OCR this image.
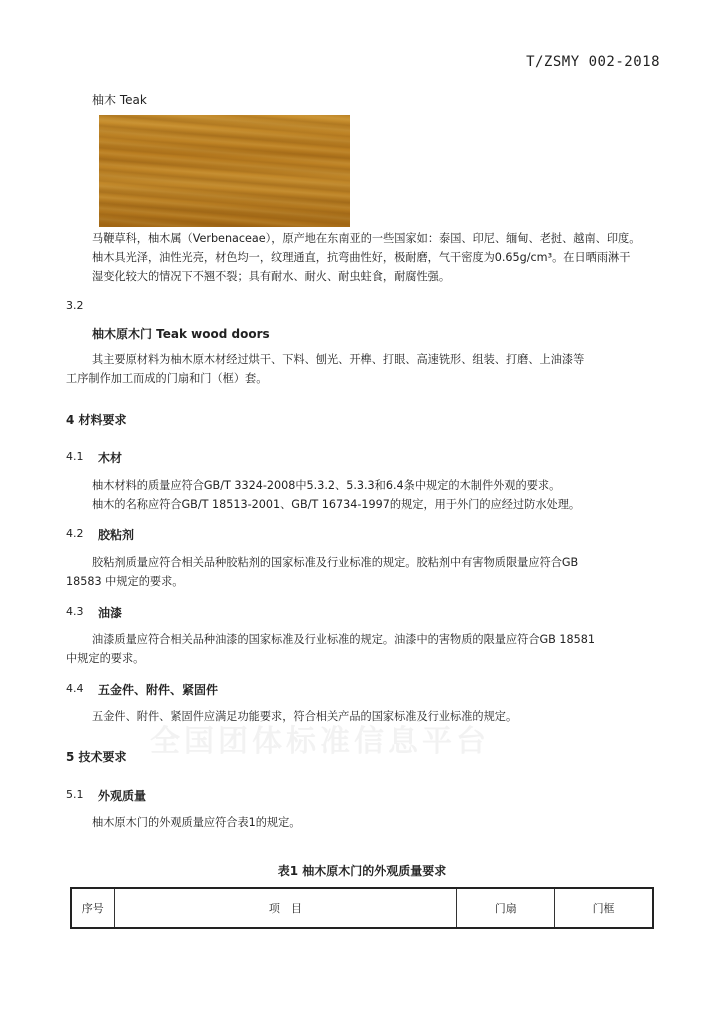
T/ZSMY 002-2018
柚木 Teak
马鞭草科，柚木属（Verbenaceae），原产地在东南亚的一些国家如：泰国、印尼、缅甸、老挝、越南、印度。
柚木具光泽，油性光亮，材色均一，纹理通直，抗弯曲性好，极耐磨，气干密度为0.65g/cm³。在日晒雨淋干
湿变化较大的情况下不翘不裂；具有耐水、耐火、耐虫蛀食，耐腐性强。
3.2
柚木原木门 Teak wood doors
其主要原材料为柚木原木材经过烘干、下料、刨光、开榫、打眼、高速铣形、组装、打磨、上油漆等
工序制作加工而成的门扇和门（框）套。
4 材料要求
4.1 木材
柚木材料的质量应符合GB/T 3324-2008中5.3.2、5.3.3和6.4条中规定的木制件外观的要求。
柚木的名称应符合GB/T 18513-2001、GB/T 16734-1997的规定，用于外门的应经过防水处理。
4.2 胶粘剂
胶粘剂质量应符合相关品种胶粘剂的国家标准及行业标准的规定。胶粘剂中有害物质限量应符合GB
18583 中规定的要求。
4.3 油漆
油漆质量应符合相关品种油漆的国家标准及行业标准的规定。油漆中的害物质的限量应符合GB 18581
中规定的要求。
4.4 五金件、附件、紧固件
五金件、附件、紧固件应满足功能要求，符合相关产品的国家标准及行业标准的规定。
全国团体标准信息平台
5 技术要求
5.1 外观质量
柚木原木门的外观质量应符合表1的规定。
表1 柚木原木门的外观质量要求
序号	项　目	门扇	门框
